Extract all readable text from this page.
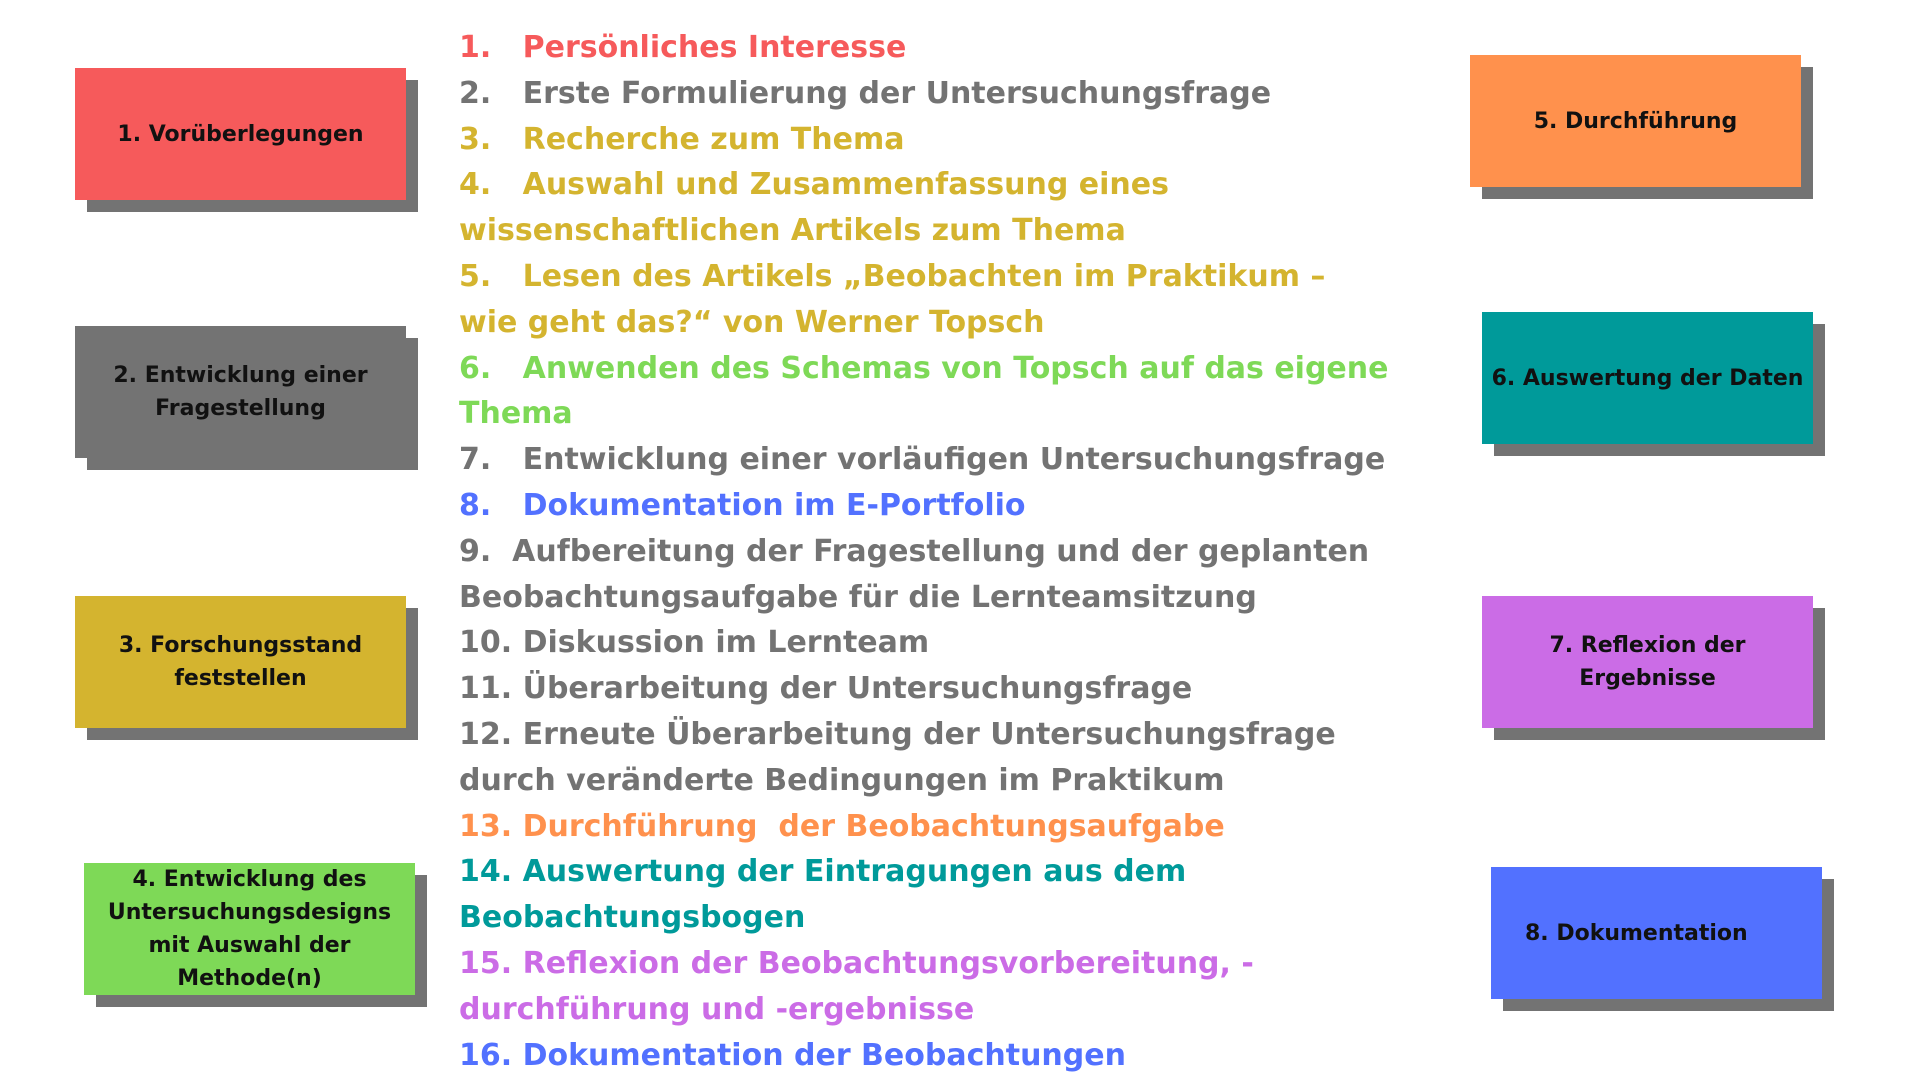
1. Vorüberlegungen
2. Entwicklung einer Fragestellung
3. Forschungsstand feststellen
4. Entwicklung des Untersuchungsdesigns mit Auswahl der Methode(n)
5. Durchführung
6. Auswertung der Daten
7. Reflexion der Ergebnisse
8. Dokumentation
1.   Persönliches Interesse
2.   Erste Formulierung der Untersuchungsfrage
3.   Recherche zum Thema
4.   Auswahl und Zusammenfassung eines wissenschaftlichen Artikels zum Thema
5.   Lesen des Artikels „Beobachten im Praktikum – wie geht das?“ von Werner Topsch
6.   Anwenden des Schemas von Topsch auf das eigene Thema
7.   Entwicklung einer vorläufigen Untersuchungsfrage
8.   Dokumentation im E-Portfolio
9.  Aufbereitung der Fragestellung und der geplanten Beobachtungsaufgabe für die Lernteamsitzung
10. Diskussion im Lernteam
11. Überarbeitung der Untersuchungsfrage
12. Erneute Überarbeitung der Untersuchungsfrage durch veränderte Bedingungen im Praktikum
13. Durchführung  der Beobachtungsaufgabe
14. Auswertung der Eintragungen aus dem Beobachtungsbogen
15. Reflexion der Beobachtungsvorbereitung, -durchführung und -ergebnisse
16. Dokumentation der Beobachtungen
